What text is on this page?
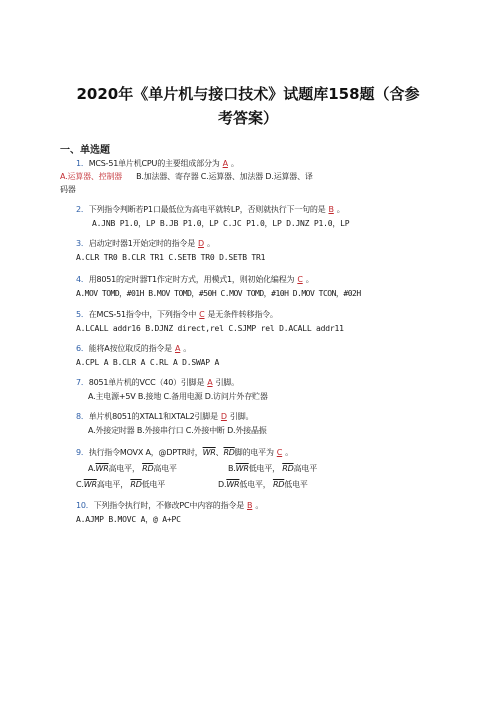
2020年《单片机与接口技术》试题库158题（含参
考答案）
一、单选题
1．MCS-51单片机CPU的主要组成部分为 A 。
A.运算器、控制器 B.加法器、寄存器 C.运算器、加法器 D.运算器、译
码器
2．下列指令判断若P1口最低位为高电平就转LP，否则就执行下一句的是 B 。
A.JNB P1.0，LP B.JB P1.0，LP C.JC P1.0，LP D.JNZ P1.0，LP
3．启动定时器1开始定时的指令是 D 。
A.CLR TR0 B.CLR TR1 C.SETB TR0 D.SETB TR1
4．用8051的定时器T1作定时方式，用模式1，则初始化编程为 C 。
A.MOV TOMD，#01H B.MOV TOMD，#50H C.MOV TOMD，#10H D.MOV TCON，#02H
5．在MCS-51指令中，下列指令中 C 是无条件转移指令。
A.LCALL addr16 B.DJNZ direct,rel C.SJMP rel D.ACALL addr11
6．能将A按位取反的指令是 A 。
A.CPL A B.CLR A C.RL A D.SWAP A
7．8051单片机的VCC（40）引脚是 A 引脚。
A.主电源+5V B.接地 C.备用电源 D.访问片外存贮器
8．单片机8051的XTAL1和XTAL2引脚是 D 引脚。
A.外接定时器 B.外接串行口 C.外接中断 D.外接晶振
9．执行指令MOVX A，@DPTR时，$\overline{WR}$、$\overline{RD}$脚的电平为 C 。
$A.\overline{WR}$高电平， $\overline{RD}$高电平	$B.\overline{WR}$低电平， $\overline{RD}$高电平
$C.\overline{WR}$高电平， $\overline{RD}$低电平	$D.\overline{WR}$低电平， $\overline{RD}$低电平
10．下列指令执行时，不修改PC中内容的指令是 B 。
A.AJMP B.MOVC A，@ A+PC
